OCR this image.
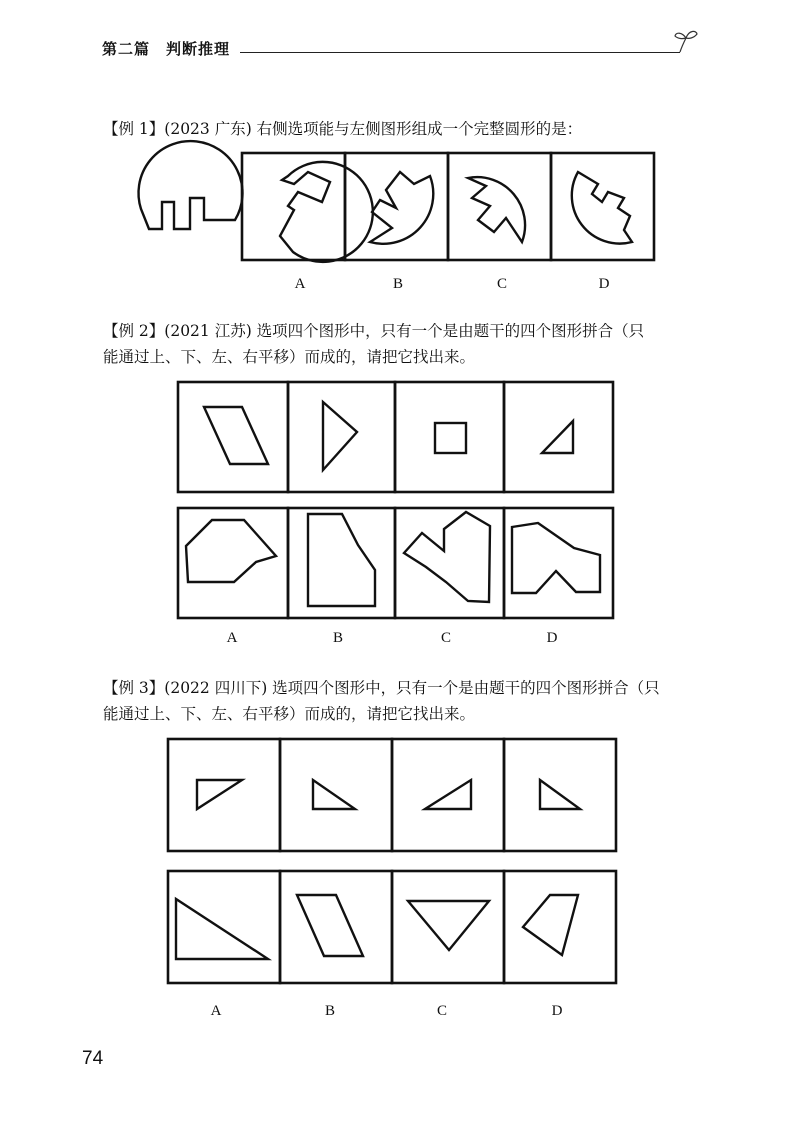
第二篇　判断推理
【例 1】(2023 广东) 右侧选项能与左侧图形组成一个完整圆形的是：
A	B	C	D
【例 2】(2021 江苏) 选项四个图形中，只有一个是由题干的四个图形拼合（只
能通过上、下、左、右平移）而成的，请把它找出来。
A	B	C	D
【例 3】(2022 四川下) 选项四个图形中，只有一个是由题干的四个图形拼合（只
能通过上、下、左、右平移）而成的，请把它找出来。
A	B	C	D
74
